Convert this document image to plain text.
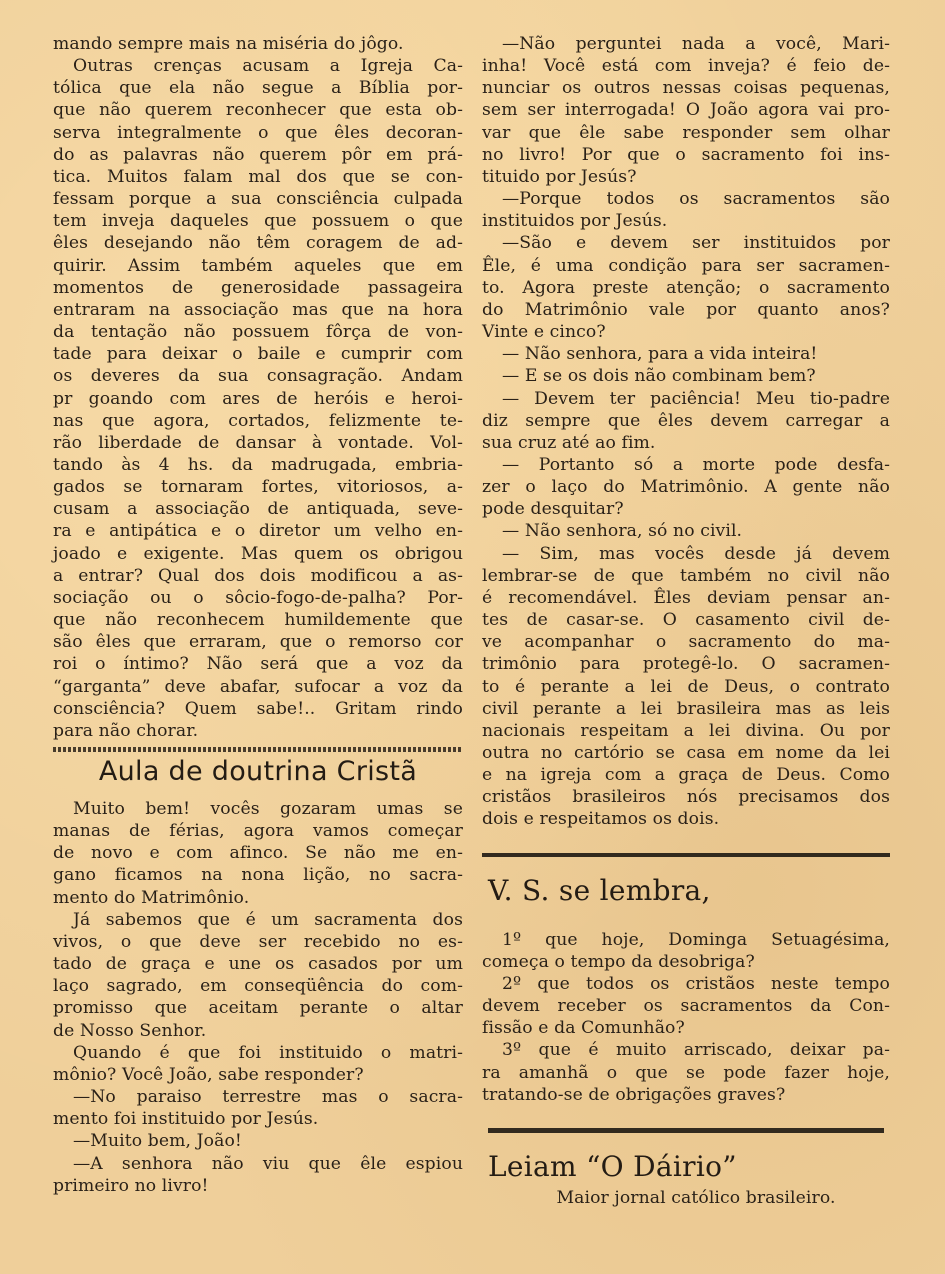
mando sempre mais na miséria do jôgo.
Outras crenças acusam a Igreja Ca-
tólica que ela não segue a Bíblia por-
que não querem reconhecer que esta ob-
serva integralmente o que êles decoran-
do as palavras não querem pôr em prá-
tica. Muitos falam mal dos que se con-
fessam porque a sua consciência culpada
tem inveja daqueles que possuem o que
êles desejando não têm coragem de ad-
quirir. Assim também aqueles que em
momentos de generosidade passageira
entraram na associação mas que na hora
da tentação não possuem fôrça de von-
tade para deixar o baile e cumprir com
os deveres da sua consagração. Andam
pr goando com ares de heróis e heroi-
nas que agora, cortados, felizmente te-
rão liberdade de dansar à vontade. Vol-
tando às 4 hs. da madrugada, embria-
gados se tornaram fortes, vitoriosos, a-
cusam a associação de antiquada, seve-
ra e antipática e o diretor um velho en-
joado e exigente. Mas quem os obrigou
a entrar? Qual dos dois modificou a as-
sociação ou o sôcio-fogo-de-palha? Por-
que não reconhecem humildemente que
são êles que erraram, que o remorso cor
roi o íntimo? Não será que a voz da
“garganta” deve abafar, sufocar a voz da
consciência? Quem sabe!.. Gritam rindo
para não chorar.
Aula de doutrina Cristã
Muito bem! vocês gozaram umas se
manas de férias, agora vamos começar
de novo e com afinco. Se não me en-
gano ficamos na nona lição, no sacra-
mento do Matrimônio.
Já sabemos que é um sacramenta dos
vivos, o que deve ser recebido no es-
tado de graça e une os casados por um
laço sagrado, em conseqüência do com-
promisso que aceitam perante o altar
de Nosso Senhor.
Quando é que foi instituido o matri-
mônio? Você João, sabe responder?
—No paraiso terrestre mas o sacra-
mento foi instituido por Jesús.
—Muito bem, João!
—A senhora não viu que êle espiou
primeiro no livro!
—Não perguntei nada a você, Mari-
inha! Você está com inveja? é feio de-
nunciar os outros nessas coisas pequenas,
sem ser interrogada! O João agora vai pro-
var que êle sabe responder sem olhar
no livro! Por que o sacramento foi ins-
tituido por Jesús?
—Porque todos os sacramentos são
instituidos por Jesús.
—São e devem ser instituidos por
Êle, é uma condição para ser sacramen-
to. Agora preste atenção; o sacramento
do Matrimônio vale por quanto anos?
Vinte e cinco?
— Não senhora, para a vida inteira!
— E se os dois não combinam bem?
— Devem ter paciência! Meu tio-padre
diz sempre que êles devem carregar a
sua cruz até ao fim.
— Portanto só a morte pode desfa-
zer o laço do Matrimônio. A gente não
pode desquitar?
— Não senhora, só no civil.
— Sim, mas vocês desde já devem
lembrar-se de que também no civil não
é recomendável. Êles deviam pensar an-
tes de casar-se. O casamento civil de-
ve acompanhar o sacramento do ma-
trimônio para protegê-lo. O sacramen-
to é perante a lei de Deus, o contrato
civil perante a lei brasileira mas as leis
nacionais respeitam a lei divina. Ou por
outra no cartório se casa em nome da lei
e na igreja com a graça de Deus. Como
cristãos brasileiros nós precisamos dos
dois e respeitamos os dois.
V. S. se lembra,
1º que hoje, Dominga Setuagésima,
começa o tempo da desobriga?
2º que todos os cristãos neste tempo
devem receber os sacramentos da Con-
fissão e da Comunhão?
3º que é muito arriscado, deixar pa-
ra amanhã o que se pode fazer hoje,
tratando-se de obrigações graves?
Leiam “O Dáirio”
Maior jornal católico brasileiro.
